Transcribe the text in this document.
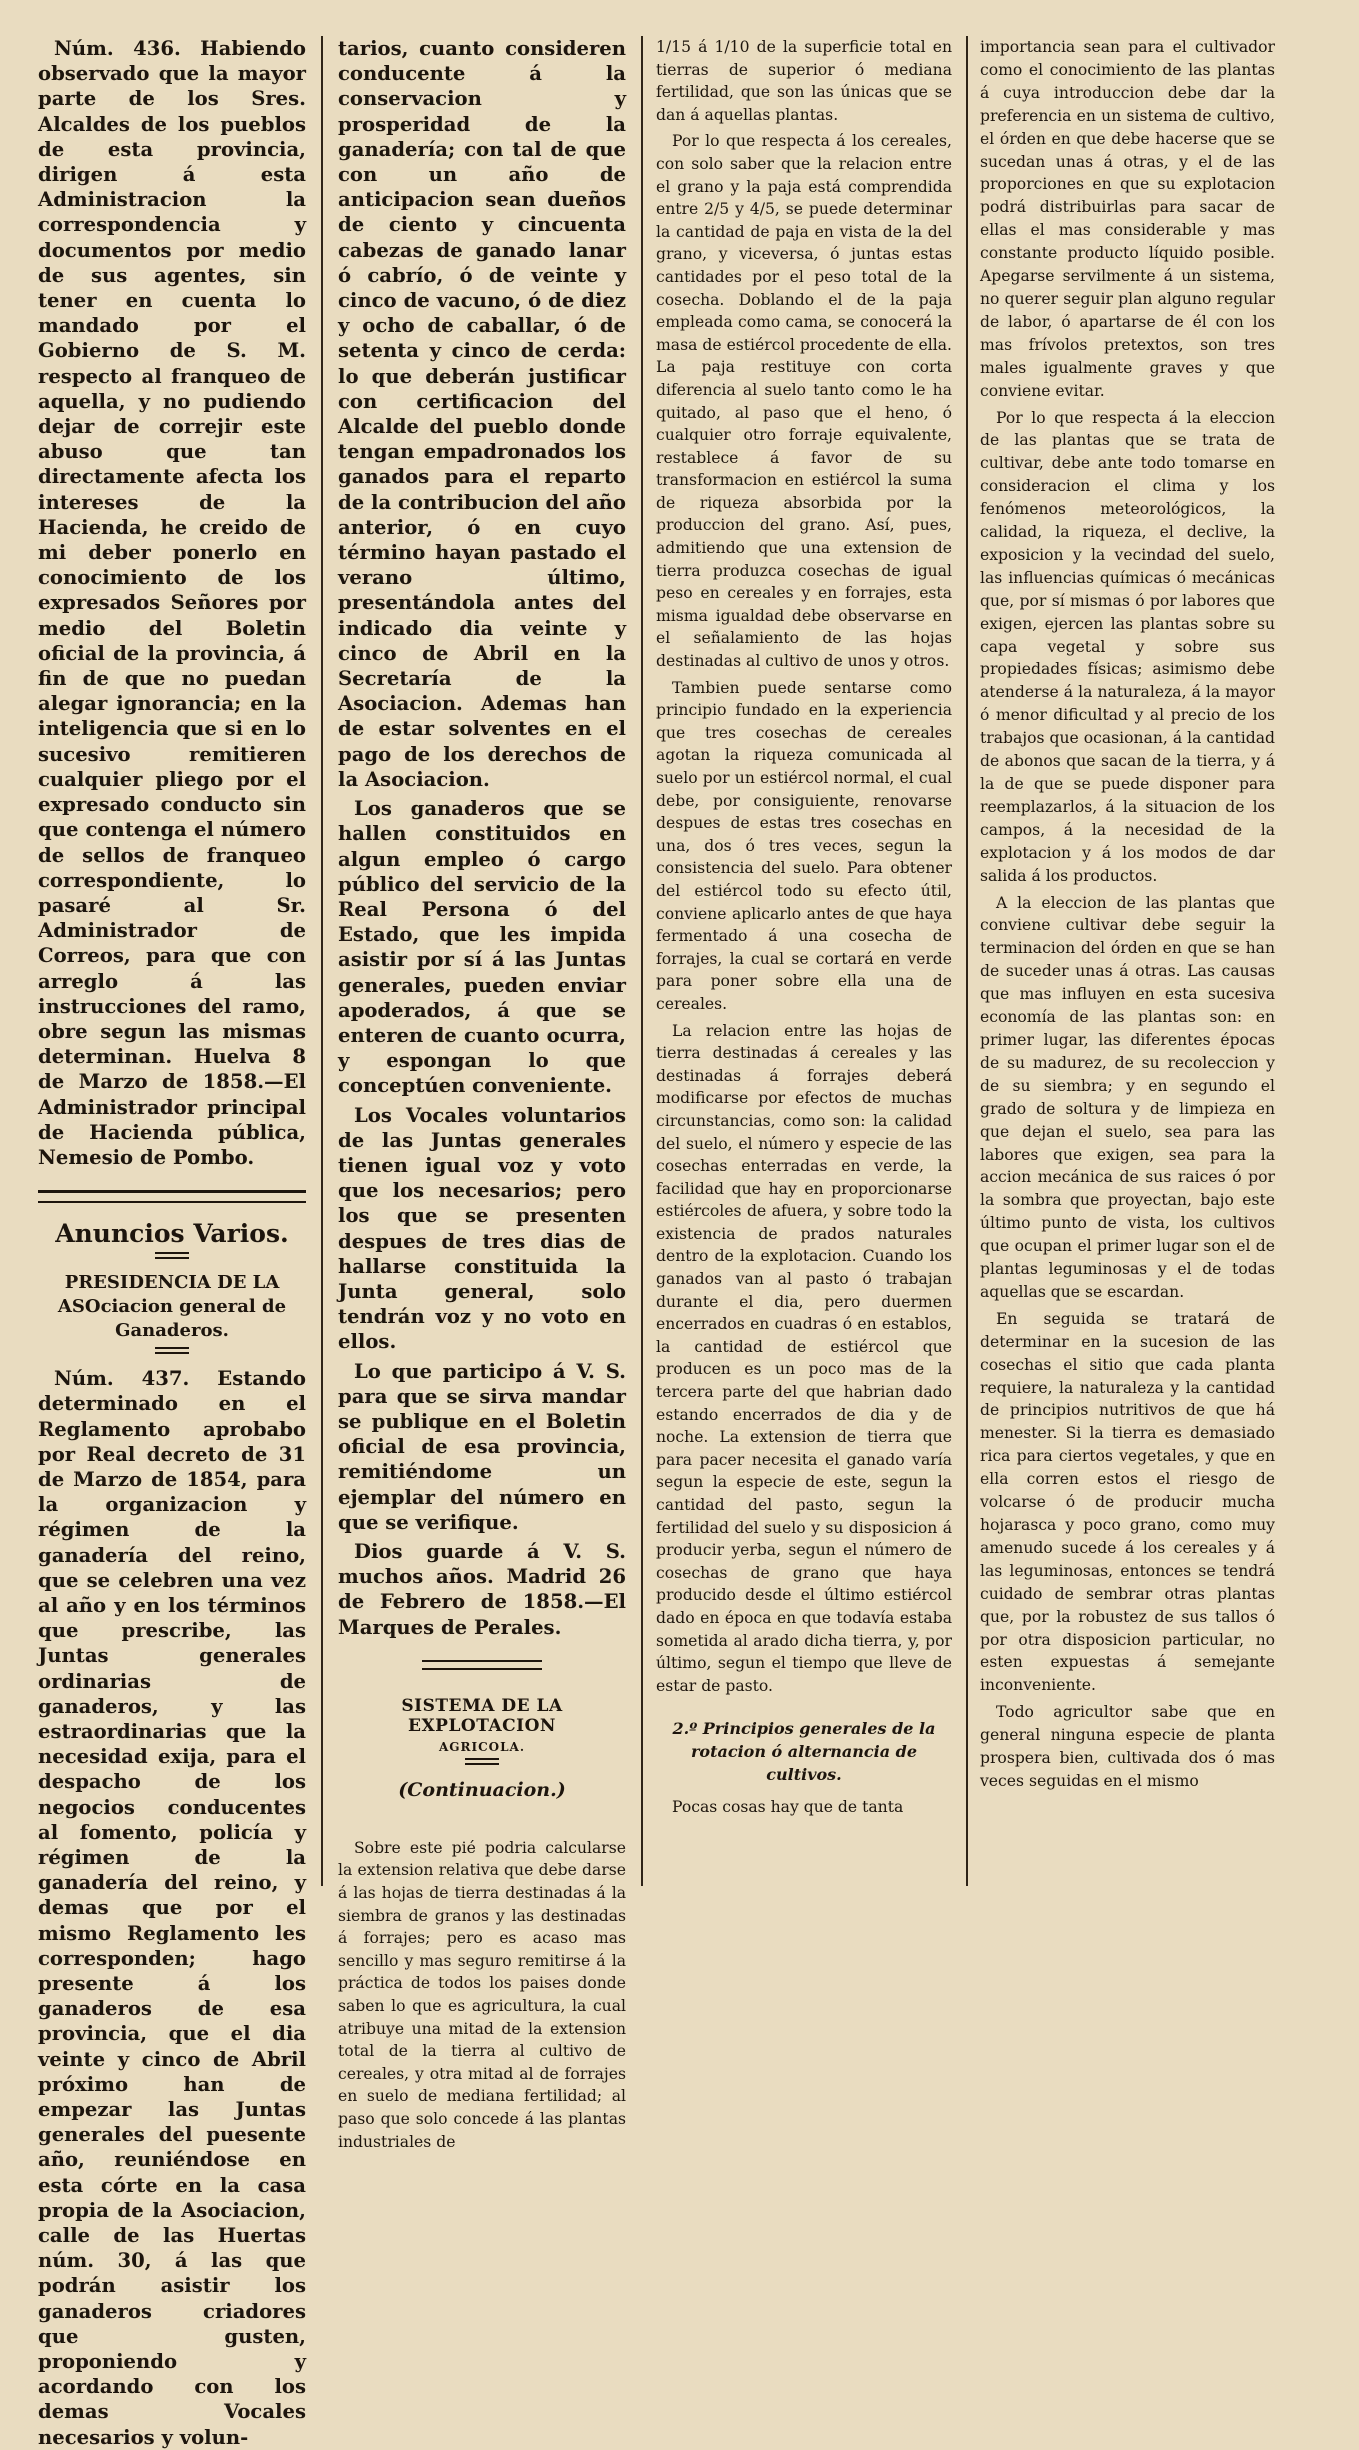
Núm. 436. Habiendo observado que la mayor parte de los Sres. Alcaldes de los pueblos de esta provincia, dirigen á esta Administracion la correspondencia y documentos por medio de sus agentes, sin tener en cuenta lo mandado por el Gobierno de S. M. respecto al franqueo de aquella, y no pudiendo dejar de correjir este abuso que tan directamente afecta los intereses de la Hacienda, he creido de mi deber ponerlo en conocimiento de los expresados Señores por medio del Boletin oficial de la provincia, á fin de que no puedan alegar ignorancia; en la inteligencia que si en lo sucesivo remitieren cualquier pliego por el expresado conducto sin que contenga el número de sellos de franqueo correspondiente, lo pasaré al Sr. Administrador de Correos, para que con arreglo á las instrucciones del ramo, obre segun las mismas determinan. Huelva 8 de Marzo de 1858.—El Administrador principal de Hacienda pública, Nemesio de Pombo.

Anuncios Varios.
PRESIDENCIA DE LA ASOciacion general de Ganaderos.

Núm. 437. Estando determinado en el Reglamento aprobabo por Real decreto de 31 de Marzo de 1854, para la organizacion y régimen de la ganadería del reino, que se celebren una vez al año y en los términos que prescribe, las Juntas generales ordinarias de ganaderos, y las estraordinarias que la necesidad exija, para el despacho de los negocios conducentes al fomento, policía y régimen de la ganadería del reino, y demas que por el mismo Reglamento les corresponden; hago presente á los ganaderos de esa provincia, que el dia veinte y cinco de Abril próximo han de empezar las Juntas generales del puesente año, reuniéndose en esta córte en la casa propia de la Asociacion, calle de las Huertas núm. 30, á las que podrán asistir los ganaderos criadores que gusten, proponiendo y acordando con los demas Vocales necesarios y volun-

tarios, cuanto consideren conducente á la conservacion y prosperidad de la ganadería; con tal de que con un año de anticipacion sean dueños de ciento y cincuenta cabezas de ganado lanar ó cabrío, ó de veinte y cinco de vacuno, ó de diez y ocho de caballar, ó de setenta y cinco de cerda: lo que deberán justificar con certificacion del Alcalde del pueblo donde tengan empadronados los ganados para el reparto de la contribucion del año anterior, ó en cuyo término hayan pastado el verano último, presentándola antes del indicado dia veinte y cinco de Abril en la Secretaría de la Asociacion. Ademas han de estar solventes en el pago de los derechos de la Asociacion.

Los ganaderos que se hallen constituidos en algun empleo ó cargo público del servicio de la Real Persona ó del Estado, que les impida asistir por sí á las Juntas generales, pueden enviar apoderados, á que se enteren de cuanto ocurra, y espongan lo que conceptúen conveniente.

Los Vocales voluntarios de las Juntas generales tienen igual voz y voto que los necesarios; pero los que se presenten despues de tres dias de hallarse constituida la Junta general, solo tendrán voz y no voto en ellos.

Lo que participo á V. S. para que se sirva mandar se publique en el Boletin oficial de esa provincia, remitiéndome un ejemplar del número en que se verifique.

Dios guarde á V. S. muchos años. Madrid 26 de Febrero de 1858.—El Marques de Perales.

SISTEMA DE LA EXPLOTACION
AGRICOLA.
(Continuacion.)

Sobre este pié podria calcularse la extension relativa que debe darse á las hojas de tierra destinadas á la siembra de granos y las destinadas á forrajes; pero es acaso mas sencillo y mas seguro remitirse á la práctica de todos los paises donde saben lo que es agricultura, la cual atribuye una mitad de la extension total de la tierra al cultivo de cereales, y otra mitad al de forrajes en suelo de mediana fertilidad; al paso que solo concede á las plantas industriales de

1/15 á 1/10 de la superficie total en tierras de superior ó mediana fertilidad, que son las únicas que se dan á aquellas plantas.

Por lo que respecta á los cereales, con solo saber que la relacion entre el grano y la paja está comprendida entre 2/5 y 4/5, se puede determinar la cantidad de paja en vista de la del grano, y viceversa, ó juntas estas cantidades por el peso total de la cosecha. Doblando el de la paja empleada como cama, se conocerá la masa de estiércol procedente de ella. La paja restituye con corta diferencia al suelo tanto como le ha quitado, al paso que el heno, ó cualquier otro forraje equivalente, restablece á favor de su transformacion en estiércol la suma de riqueza absorbida por la produccion del grano. Así, pues, admitiendo que una extension de tierra produzca cosechas de igual peso en cereales y en forrajes, esta misma igualdad debe observarse en el señalamiento de las hojas destinadas al cultivo de unos y otros.

Tambien puede sentarse como principio fundado en la experiencia que tres cosechas de cereales agotan la riqueza comunicada al suelo por un estiércol normal, el cual debe, por consiguiente, renovarse despues de estas tres cosechas en una, dos ó tres veces, segun la consistencia del suelo. Para obtener del estiércol todo su efecto útil, conviene aplicarlo antes de que haya fermentado á una cosecha de forrajes, la cual se cortará en verde para poner sobre ella una de cereales.

La relacion entre las hojas de tierra destinadas á cereales y las destinadas á forrajes deberá modificarse por efectos de muchas circunstancias, como son: la calidad del suelo, el número y especie de las cosechas enterradas en verde, la facilidad que hay en proporcionarse estiércoles de afuera, y sobre todo la existencia de prados naturales dentro de la explotacion. Cuando los ganados van al pasto ó trabajan durante el dia, pero duermen encerrados en cuadras ó en establos, la cantidad de estiércol que producen es un poco mas de la tercera parte del que habrian dado estando encerrados de dia y de noche. La extension de tierra que para pacer necesita el ganado varía segun la especie de este, segun la cantidad del pasto, segun la fertilidad del suelo y su disposicion á producir yerba, segun el número de cosechas de grano que haya producido desde el último estiércol dado en época en que todavía estaba sometida al arado dicha tierra, y, por último, segun el tiempo que lleve de estar de pasto.

2.º Principios generales de la rotacion ó alternancia de cultivos.

Pocas cosas hay que de tanta

importancia sean para el cultivador como el conocimiento de las plantas á cuya introduccion debe dar la preferencia en un sistema de cultivo, el órden en que debe hacerse que se sucedan unas á otras, y el de las proporciones en que su explotacion podrá distribuirlas para sacar de ellas el mas considerable y mas constante producto líquido posible. Apegarse servilmente á un sistema, no querer seguir plan alguno regular de labor, ó apartarse de él con los mas frívolos pretextos, son tres males igualmente graves y que conviene evitar.

Por lo que respecta á la eleccion de las plantas que se trata de cultivar, debe ante todo tomarse en consideracion el clima y los fenómenos meteorológicos, la calidad, la riqueza, el declive, la exposicion y la vecindad del suelo, las influencias químicas ó mecánicas que, por sí mismas ó por labores que exigen, ejercen las plantas sobre su capa vegetal y sobre sus propiedades físicas; asimismo debe atenderse á la naturaleza, á la mayor ó menor dificultad y al precio de los trabajos que ocasionan, á la cantidad de abonos que sacan de la tierra, y á la de que se puede disponer para reemplazarlos, á la situacion de los campos, á la necesidad de la explotacion y á los modos de dar salida á los productos.

A la eleccion de las plantas que conviene cultivar debe seguir la terminacion del órden en que se han de suceder unas á otras. Las causas que mas influyen en esta sucesiva economía de las plantas son: en primer lugar, las diferentes épocas de su madurez, de su recoleccion y de su siembra; y en segundo el grado de soltura y de limpieza en que dejan el suelo, sea para las labores que exigen, sea para la accion mecánica de sus raices ó por la sombra que proyectan, bajo este último punto de vista, los cultivos que ocupan el primer lugar son el de plantas leguminosas y el de todas aquellas que se escardan.

En seguida se tratará de determinar en la sucesion de las cosechas el sitio que cada planta requiere, la naturaleza y la cantidad de principios nutritivos de que há menester. Si la tierra es demasiado rica para ciertos vegetales, y que en ella corren estos el riesgo de volcarse ó de producir mucha hojarasca y poco grano, como muy amenudo sucede á los cereales y á las leguminosas, entonces se tendrá cuidado de sembrar otras plantas que, por la robustez de sus tallos ó por otra disposicion particular, no esten expuestas á semejante inconveniente.

Todo agricultor sabe que en general ninguna especie de planta prospera bien, cultivada dos ó mas veces seguidas en el mismo
